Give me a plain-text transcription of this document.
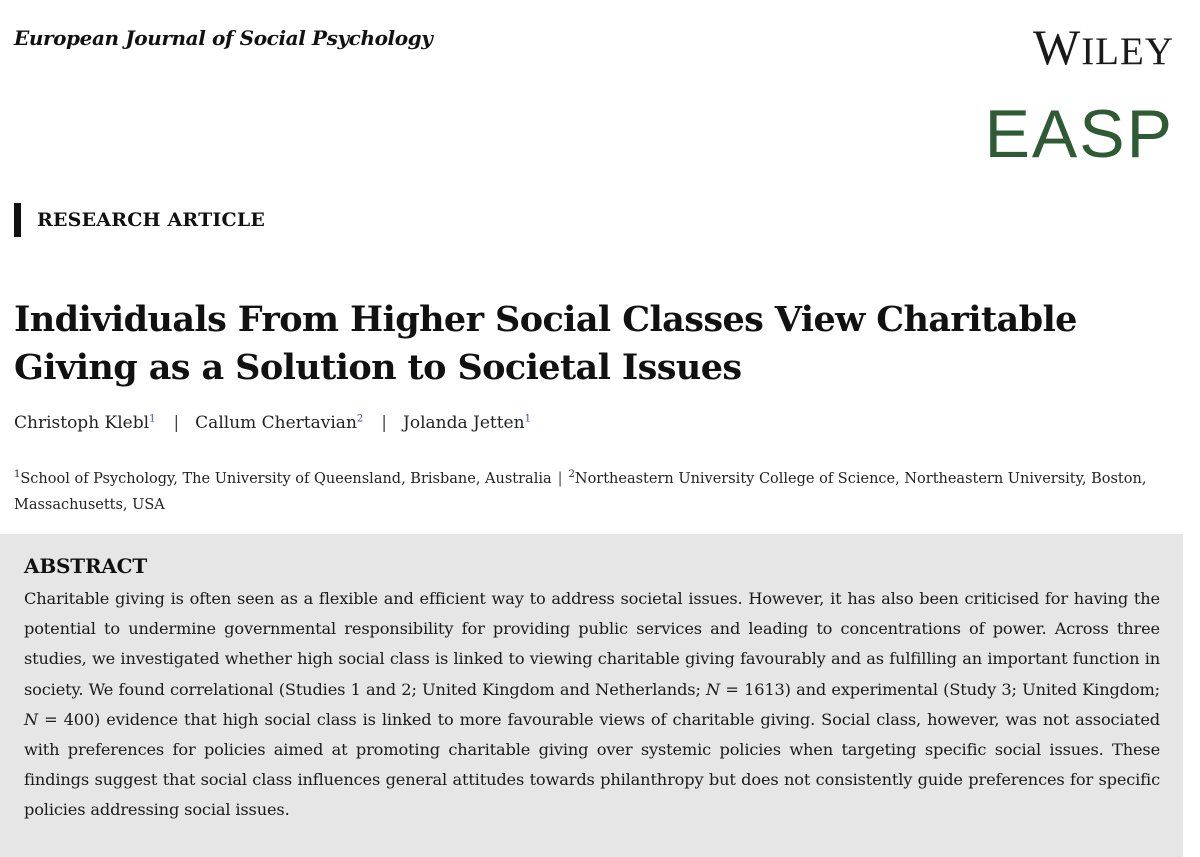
European Journal of Social Psychology	WILEY
EASP
RESEARCH ARTICLE
Individuals From Higher Social Classes View Charitable Giving as a Solution to Societal Issues
Christoph Klebl$^1$ | Callum Chertavian$^2$ | Jolanda Jetten$^1$
$^1$School of Psychology, The University of Queensland, Brisbane, Australia | $^2$Northeastern University College of Science, Northeastern University, Boston, Massachusetts, USA
ABSTRACT

Charitable giving is often seen as a flexible and efficient way to address societal issues. However, it has also been criticised for having the potential to undermine governmental responsibility for providing public services and leading to concentrations of power. Across three studies, we investigated whether high social class is linked to viewing charitable giving favourably and as fulfilling an important function in society. We found correlational (Studies 1 and 2; United Kingdom and Netherlands; N = 1613) and experimental (Study 3; United Kingdom; N = 400) evidence that high social class is linked to more favourable views of charitable giving. Social class, however, was not associated with preferences for policies aimed at promoting charitable giving over systemic policies when targeting specific social issues. These findings suggest that social class influences general attitudes towards philanthropy but does not consistently guide preferences for specific policies addressing social issues.
